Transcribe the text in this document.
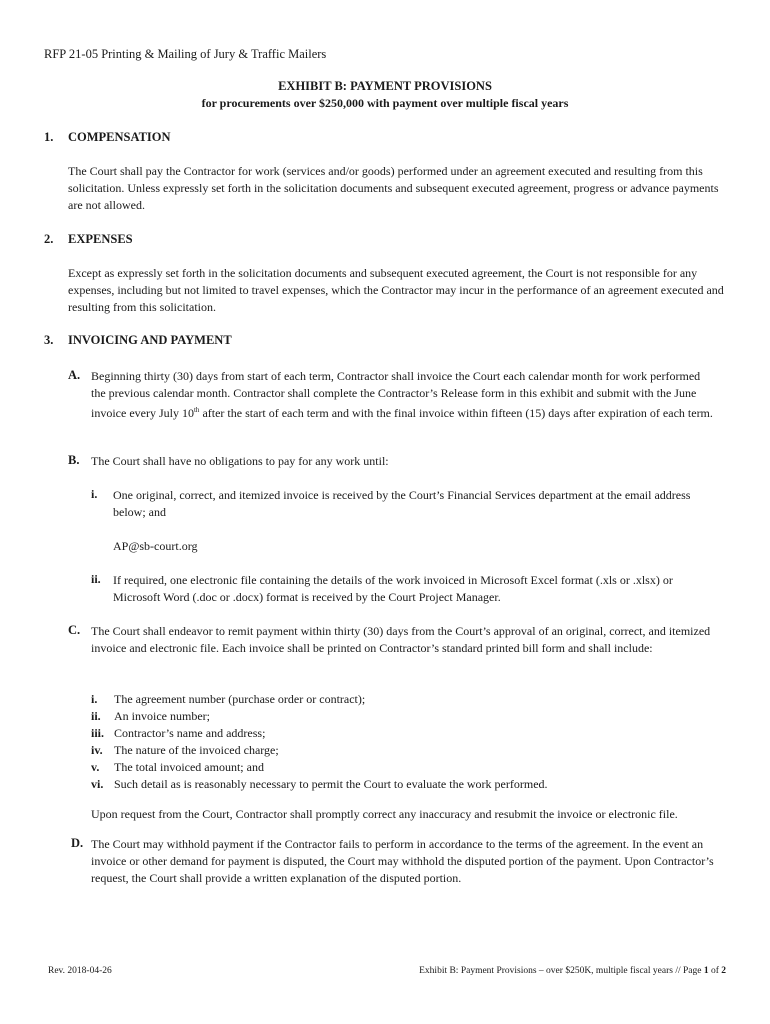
RFP 21-05 Printing & Mailing of Jury & Traffic Mailers
EXHIBIT B: PAYMENT PROVISIONS
for procurements over $250,000 with payment over multiple fiscal years
1. COMPENSATION
The Court shall pay the Contractor for work (services and/or goods) performed under an agreement executed and resulting from this solicitation. Unless expressly set forth in the solicitation documents and subsequent executed agreement, progress or advance payments are not allowed.
2. EXPENSES
Except as expressly set forth in the solicitation documents and subsequent executed agreement, the Court is not responsible for any expenses, including but not limited to travel expenses, which the Contractor may incur in the performance of an agreement executed and resulting from this solicitation.
3. INVOICING AND PAYMENT
A. Beginning thirty (30) days from start of each term, Contractor shall invoice the Court each calendar month for work performed the previous calendar month. Contractor shall complete the Contractor’s Release form in this exhibit and submit with the June invoice every July 10th after the start of each term and with the final invoice within fifteen (15) days after expiration of each term.
B. The Court shall have no obligations to pay for any work until:
i. One original, correct, and itemized invoice is received by the Court’s Financial Services department at the email address below; and
AP@sb-court.org
ii. If required, one electronic file containing the details of the work invoiced in Microsoft Excel format (.xls or .xlsx) or Microsoft Word (.doc or .docx) format is received by the Court Project Manager.
C. The Court shall endeavor to remit payment within thirty (30) days from the Court’s approval of an original, correct, and itemized invoice and electronic file. Each invoice shall be printed on Contractor’s standard printed bill form and shall include:
i. The agreement number (purchase order or contract);
ii. An invoice number;
iii. Contractor’s name and address;
iv. The nature of the invoiced charge;
v. The total invoiced amount; and
vi. Such detail as is reasonably necessary to permit the Court to evaluate the work performed.
Upon request from the Court, Contractor shall promptly correct any inaccuracy and resubmit the invoice or electronic file.
D. The Court may withhold payment if the Contractor fails to perform in accordance to the terms of the agreement. In the event an invoice or other demand for payment is disputed, the Court may withhold the disputed portion of the payment. Upon Contractor’s request, the Court shall provide a written explanation of the disputed portion.
Rev. 2018-04-26	Exhibit B: Payment Provisions – over $250K, multiple fiscal years // Page 1 of 2
